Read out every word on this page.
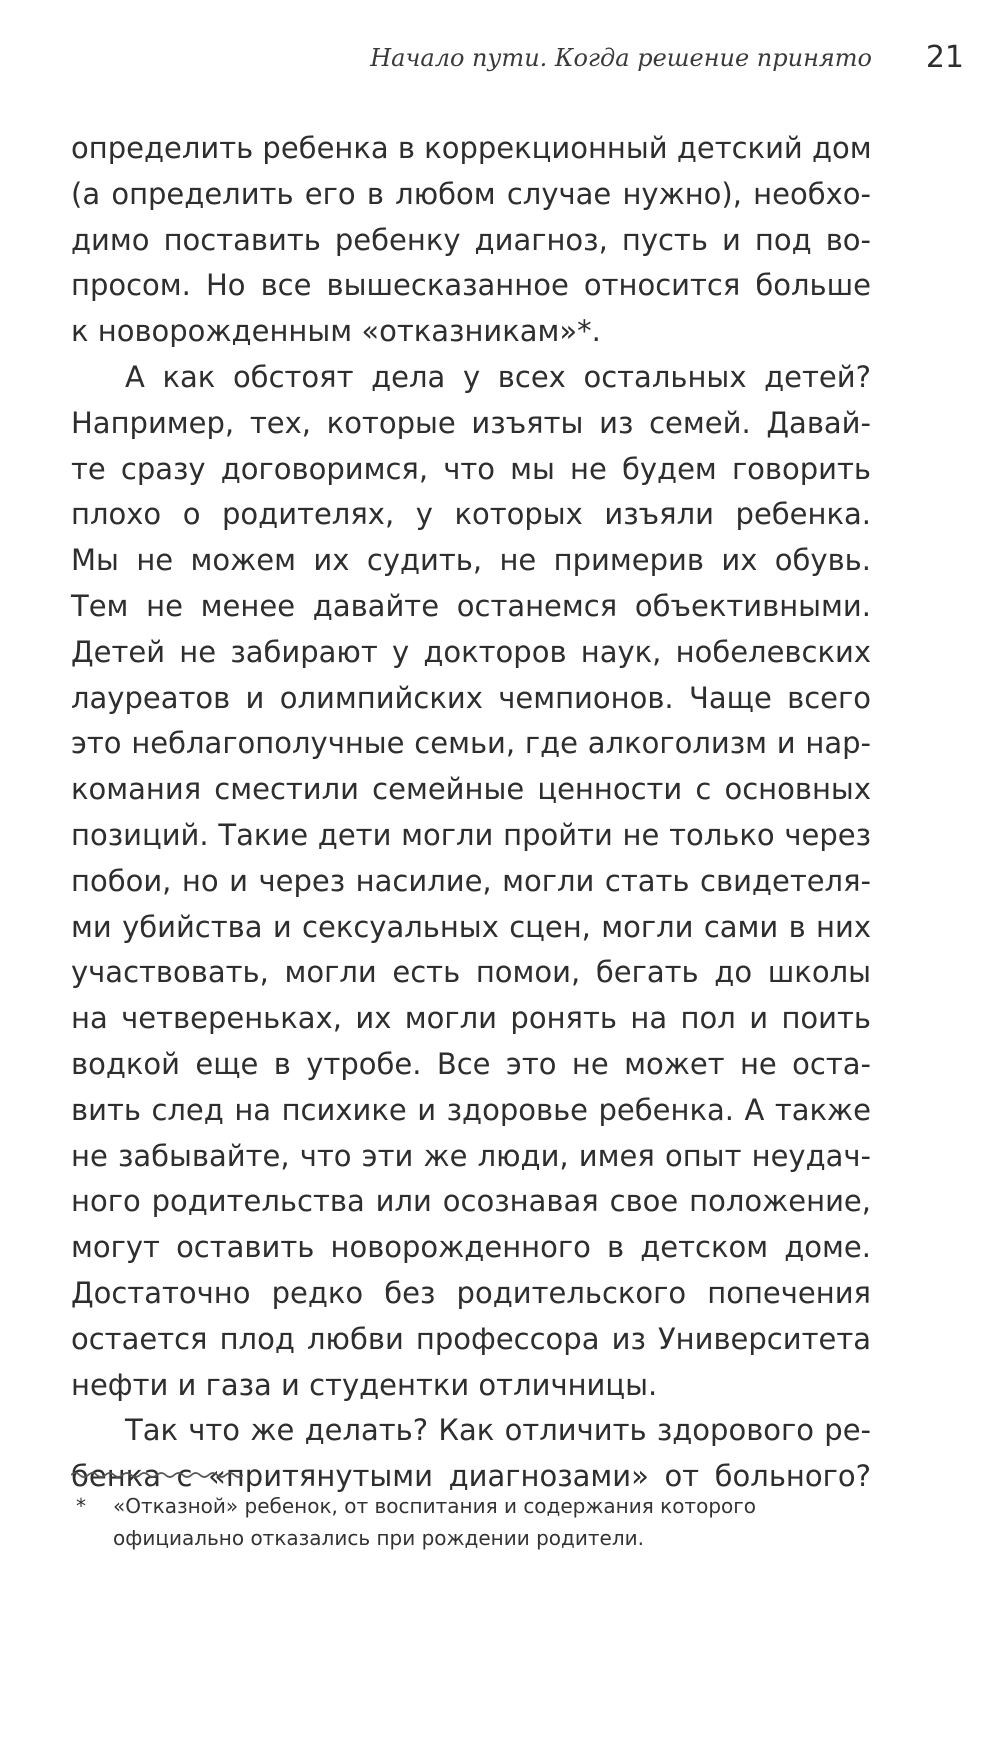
Начало пути. Когда решение принято 21
определить ребенка в коррекционный детский дом
(а определить его в любом случае нужно), необхо-
димо поставить ребенку диагноз, пусть и под во-
просом. Но все вышесказанное относится больше
к новорожденным «отказникам»*.
А как обстоят дела у всех остальных детей?
Например, тех, которые изъяты из семей. Давай-
те сразу договоримся, что мы не будем говорить
плохо о родителях, у которых изъяли ребенка.
Мы не можем их судить, не примерив их обувь.
Тем не менее давайте останемся объективными.
Детей не забирают у докторов наук, нобелевских
лауреатов и олимпийских чемпионов. Чаще всего
это неблагополучные семьи, где алкоголизм и нар-
комания сместили семейные ценности с основных
позиций. Такие дети могли пройти не только через
побои, но и через насилие, могли стать свидетеля-
ми убийства и сексуальных сцен, могли сами в них
участвовать, могли есть помои, бегать до школы
на четвереньках, их могли ронять на пол и поить
водкой еще в утробе. Все это не может не оста-
вить след на психике и здоровье ребенка. А также
не забывайте, что эти же люди, имея опыт неудач-
ного родительства или осознавая свое положение,
могут оставить новорожденного в детском доме.
Достаточно редко без родительского попечения
остается плод любви профессора из Университета
нефти и газа и студентки отличницы.
Так что же делать? Как отличить здорового ре-
бенка с «притянутыми диагнозами» от больного?
*	«Отказной» ребенок, от воспитания и содержания которого
официально отказались при рождении родители.
